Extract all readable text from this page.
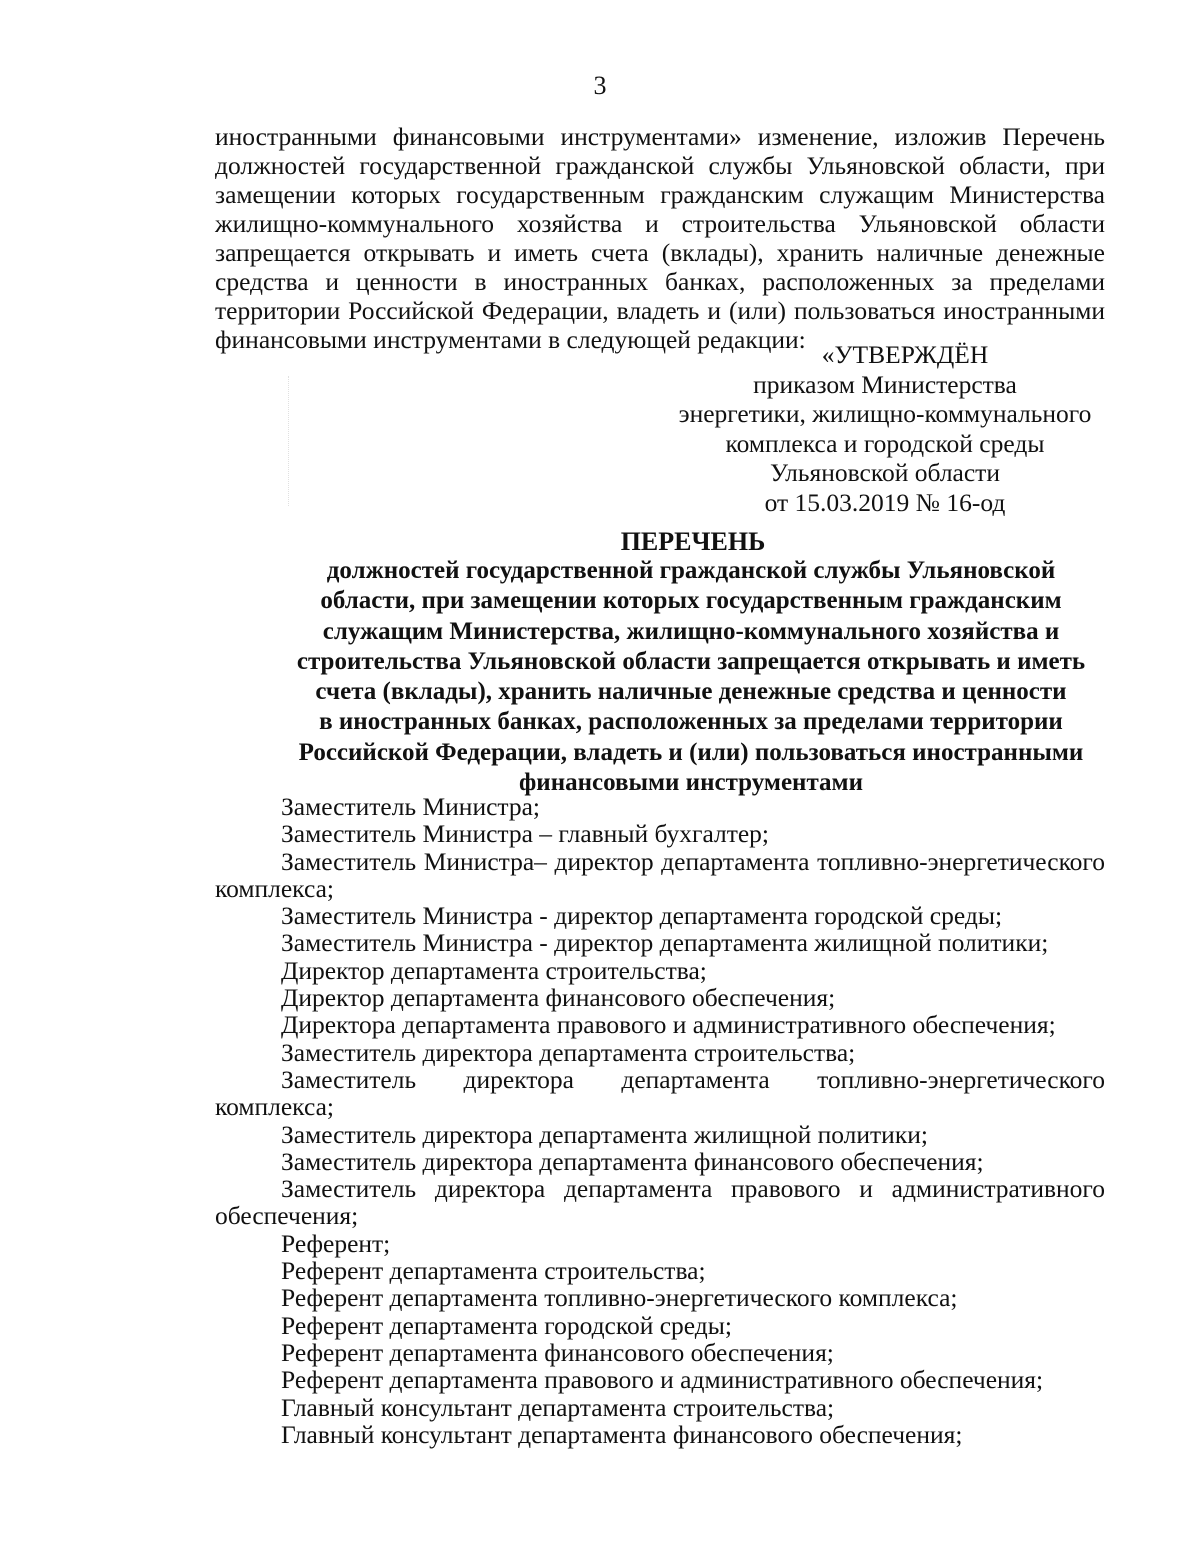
3
иностранными финансовыми инструментами» изменение, изложив Перечень
должностей государственной гражданской службы Ульяновской области, при
замещении которых государственным гражданским служащим Министерства
жилищно-коммунального хозяйства и строительства Ульяновской области
запрещается открывать и иметь счета (вклады), хранить наличные денежные
средства и ценности в иностранных банках, расположенных за пределами
территории Российской Федерации, владеть и (или) пользоваться иностранными
финансовыми инструментами в следующей редакции:
«УТВЕРЖДЁН
приказом Министерства
энергетики, жилищно-коммунального
комплекса и городской среды
Ульяновской области
от 15.03.2019 № 16-од
ПЕРЕЧЕНЬ
должностей государственной гражданской службы Ульяновской
области, при замещении которых государственным гражданским
служащим Министерства, жилищно-коммунального хозяйства и
строительства Ульяновской области запрещается открывать и иметь
счета (вклады), хранить наличные денежные средства и ценности
в иностранных банках, расположенных за пределами территории
Российской Федерации, владеть и (или) пользоваться иностранными
финансовыми инструментами
Заместитель Министра;
Заместитель Министра – главный бухгалтер;
Заместитель Министра– директор департамента топливно-энергетического
комплекса;
Заместитель Министра - директор департамента городской среды;
Заместитель Министра - директор департамента жилищной политики;
Директор департамента строительства;
Директор департамента финансового обеспечения;
Директора департамента правового и административного обеспечения;
Заместитель директора департамента строительства;
Заместитель директора департамента топливно-энергетического
комплекса;
Заместитель директора департамента жилищной политики;
Заместитель директора департамента финансового обеспечения;
Заместитель директора департамента правового и административного
обеспечения;
Референт;
Референт департамента строительства;
Референт департамента топливно-энергетического комплекса;
Референт департамента городской среды;
Референт департамента финансового обеспечения;
Референт департамента правового и административного обеспечения;
Главный консультант департамента строительства;
Главный консультант департамента финансового обеспечения;
